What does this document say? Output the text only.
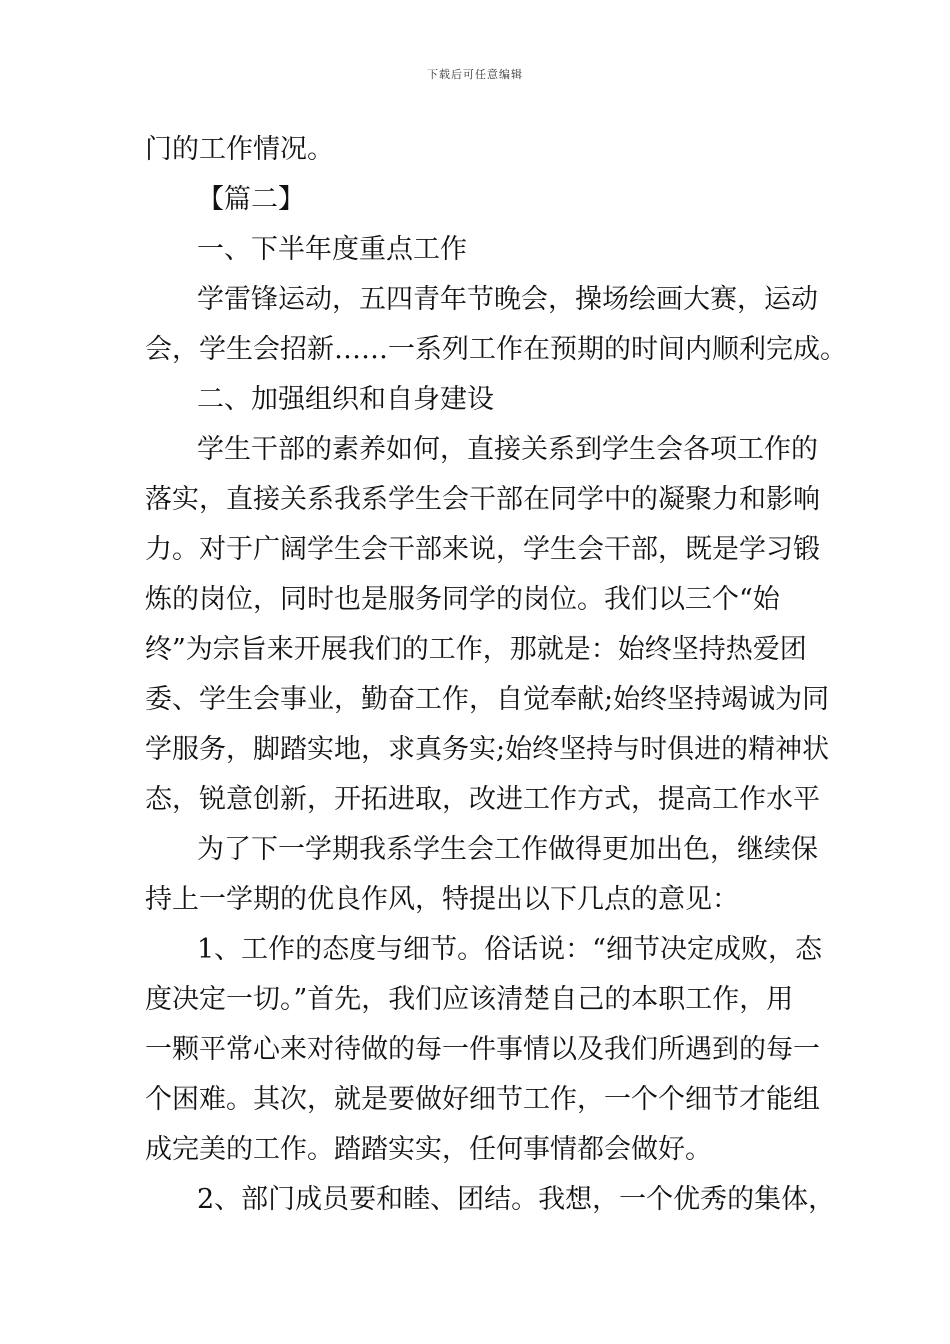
下载后可任意编辑
门的工作情况。
【篇二】
一、下半年度重点工作
学雷锋运动，五四青年节晚会，操场绘画大赛，运动
会，学生会招新……一系列工作在预期的时间内顺利完成。
二、加强组织和自身建设
学生干部的素养如何，直接关系到学生会各项工作的
落实，直接关系我系学生会干部在同学中的凝聚力和影响
力。对于广阔学生会干部来说，学生会干部，既是学习锻
炼的岗位，同时也是服务同学的岗位。我们以三个“始
终”为宗旨来开展我们的工作，那就是：始终坚持热爱团
委、学生会事业，勤奋工作，自觉奉献;始终坚持竭诚为同
学服务，脚踏实地，求真务实;始终坚持与时俱进的精神状
态，锐意创新，开拓进取，改进工作方式，提高工作水平
为了下一学期我系学生会工作做得更加出色，继续保
持上一学期的优良作风，特提出以下几点的意见：
1、工作的态度与细节。俗话说：“细节决定成败，态
度决定一切。”首先，我们应该清楚自己的本职工作，用
一颗平常心来对待做的每一件事情以及我们所遇到的每一
个困难。其次，就是要做好细节工作，一个个细节才能组
成完美的工作。踏踏实实，任何事情都会做好。
2、部门成员要和睦、团结。我想，一个优秀的集体，
